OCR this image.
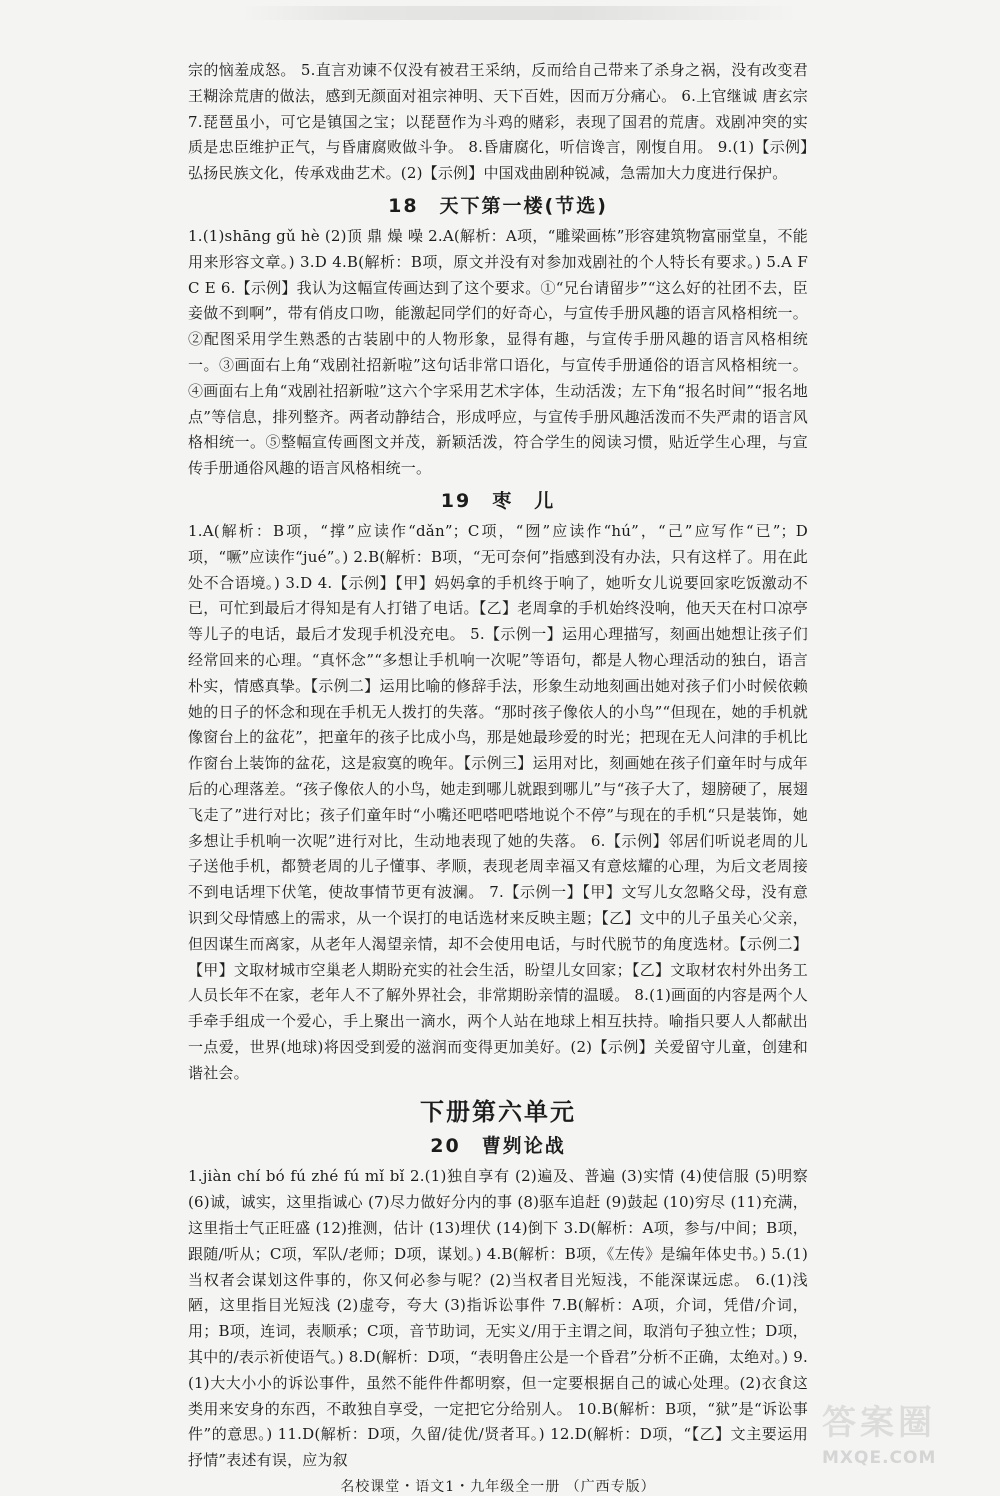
宗的恼羞成怒。 5.直言劝谏不仅没有被君王采纳，反而给自己带来了杀身之祸，没有改变君王糊涂荒唐的做法，感到无颜面对祖宗神明、天下百姓，因而万分痛心。 6.上官继诚 唐玄宗 7.琵琶虽小，可它是镇国之宝；以琵琶作为斗鸡的赌彩，表现了国君的荒唐。戏剧冲突的实质是忠臣维护正气，与昏庸腐败做斗争。 8.昏庸腐化，听信谗言，刚愎自用。 9.(1)【示例】弘扬民族文化，传承戏曲艺术。(2)【示例】中国戏曲剧种锐减，急需加大力度进行保护。

18　天下第一楼(节选)

1.(1)shāng gǔ hè (2)顶 鼎 燥 噪 2.A(解析：A项，“雕梁画栋”形容建筑物富丽堂皇，不能用来形容文章。) 3.D 4.B(解析：B项，原文并没有对参加戏剧社的个人特长有要求。) 5.A F C E 6.【示例】我认为这幅宣传画达到了这个要求。①“兄台请留步”“这么好的社团不去，臣妾做不到啊”，带有俏皮口吻，能激起同学们的好奇心，与宣传手册风趣的语言风格相统一。②配图采用学生熟悉的古装剧中的人物形象，显得有趣，与宣传手册风趣的语言风格相统一。③画面右上角“戏剧社招新啦”这句话非常口语化，与宣传手册通俗的语言风格相统一。④画面右上角“戏剧社招新啦”这六个字采用艺术字体，生动活泼；左下角“报名时间”“报名地点”等信息，排列整齐。两者动静结合，形成呼应，与宣传手册风趣活泼而不失严肃的语言风格相统一。⑤整幅宣传画图文并茂，新颖活泼，符合学生的阅读习惯，贴近学生心理，与宣传手册通俗风趣的语言风格相统一。

19　枣　儿

1.A(解析：B项，“撑”应读作“dǎn”；C项，“囫”应读作“hú”，“己”应写作“已”；D项，“噘”应读作“jué”。) 2.B(解析：B项，“无可奈何”指感到没有办法，只有这样了。用在此处不合语境。) 3.D 4.【示例】【甲】妈妈拿的手机终于响了，她听女儿说要回家吃饭激动不已，可忙到最后才得知是有人打错了电话。【乙】老周拿的手机始终没响，他天天在村口凉亭等儿子的电话，最后才发现手机没充电。 5.【示例一】运用心理描写，刻画出她想让孩子们经常回来的心理。“真怀念”“多想让手机响一次呢”等语句，都是人物心理活动的独白，语言朴实，情感真挚。【示例二】运用比喻的修辞手法，形象生动地刻画出她对孩子们小时候依赖她的日子的怀念和现在手机无人拨打的失落。“那时孩子像依人的小鸟”“但现在，她的手机就像窗台上的盆花”，把童年的孩子比成小鸟，那是她最珍爱的时光；把现在无人问津的手机比作窗台上装饰的盆花，这是寂寞的晚年。【示例三】运用对比，刻画她在孩子们童年时与成年后的心理落差。“孩子像依人的小鸟，她走到哪儿就跟到哪儿”与“孩子大了，翅膀硬了，展翅飞走了”进行对比；孩子们童年时“小嘴还吧嗒吧嗒地说个不停”与现在的手机“只是装饰，她多想让手机响一次呢”进行对比，生动地表现了她的失落。 6.【示例】邻居们听说老周的儿子送他手机，都赞老周的儿子懂事、孝顺，表现老周幸福又有意炫耀的心理，为后文老周接不到电话埋下伏笔，使故事情节更有波澜。 7.【示例一】【甲】文写儿女忽略父母，没有意识到父母情感上的需求，从一个误打的电话选材来反映主题；【乙】文中的儿子虽关心父亲，但因谋生而离家，从老年人渴望亲情，却不会使用电话，与时代脱节的角度选材。【示例二】【甲】文取材城市空巢老人期盼充实的社会生活，盼望儿女回家；【乙】文取材农村外出务工人员长年不在家，老年人不了解外界社会，非常期盼亲情的温暖。 8.(1)画面的内容是两个人手牵手组成一个爱心，手上聚出一滴水，两个人站在地球上相互扶持。喻指只要人人都献出一点爱，世界(地球)将因受到爱的滋润而变得更加美好。(2)【示例】关爱留守儿童，创建和谐社会。

下册第六单元
20　曹刿论战

1.jiàn chí bó fú zhé fú mǐ bǐ 2.(1)独自享有 (2)遍及、普遍 (3)实情 (4)使信服 (5)明察 (6)诚，诚实，这里指诚心 (7)尽力做好分内的事 (8)驱车追赶 (9)鼓起 (10)穷尽 (11)充满，这里指士气正旺盛 (12)推测，估计 (13)埋伏 (14)倒下 3.D(解析：A项，参与/中间；B项，跟随/听从；C项，军队/老师；D项，谋划。) 4.B(解析：B项，《左传》是编年体史书。) 5.(1)当权者会谋划这件事的，你又何必参与呢？(2)当权者目光短浅，不能深谋远虑。 6.(1)浅陋，这里指目光短浅 (2)虚夸，夸大 (3)指诉讼事件 7.B(解析：A项，介词，凭借/介词，用；B项，连词，表顺承；C项，音节助词，无实义/用于主谓之间，取消句子独立性；D项，其中的/表示祈使语气。) 8.D(解析：D项，“表明鲁庄公是一个昏君”分析不正确，太绝对。) 9.(1)大大小小的诉讼事件，虽然不能件件都明察，但一定要根据自己的诚心处理。(2)衣食这类用来安身的东西，不敢独自享受，一定把它分给别人。 10.B(解析：B项，“狱”是“诉讼事件”的意思。) 11.D(解析：D项，久留/徒优/贤者耳。) 12.D(解析：D项，“【乙】文主要运用抒情”表述有误，应为叙

名校课堂・语文1・九年级全一册 （广西专版）
答案圈
MXQE.COM
